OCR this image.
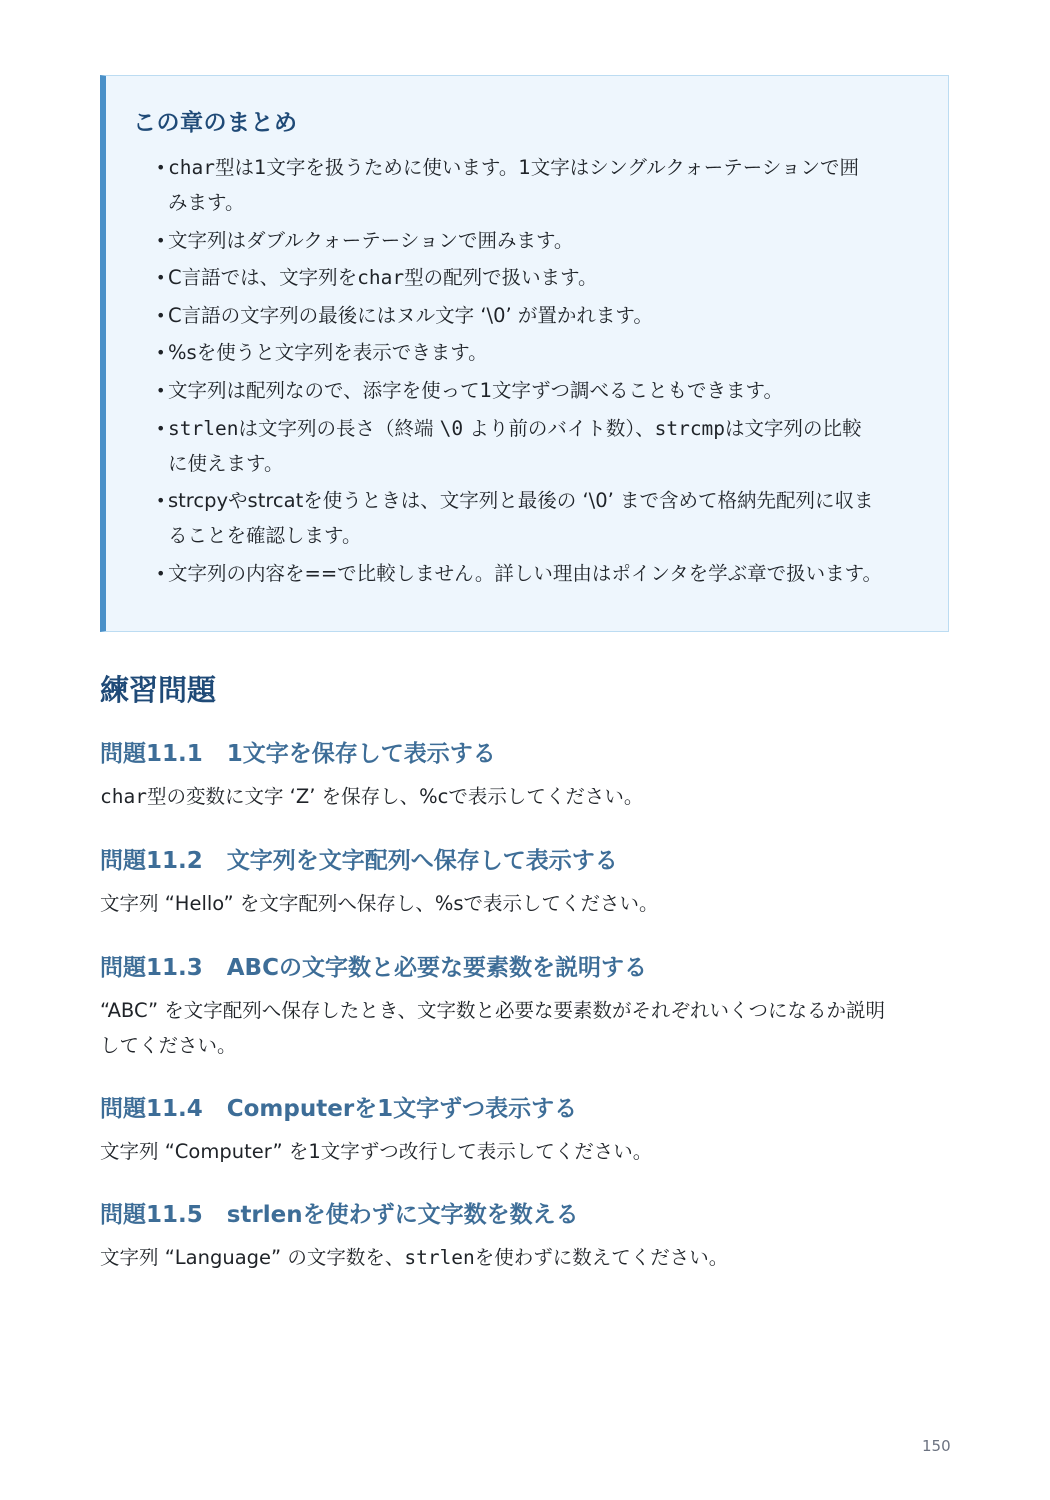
この章のまとめ
• char型は1文字を扱うために使います。1文字はシングルクォーテーションで囲
みます。
• 文字列はダブルクォーテーションで囲みます。
• C言語では、文字列をchar型の配列で扱います。
• C言語の文字列の最後にはヌル文字 ‘\0’ が置かれます。
• %sを使うと文字列を表示できます。
• 文字列は配列なので、添字を使って1文字ずつ調べることもできます。
• strlenは文字列の長さ（終端 \0 より前のバイト数）、strcmpは文字列の比較
に使えます。
• strcpyやstrcatを使うときは、文字列と最後の ‘\0’ まで含めて格納先配列に収ま
ることを確認します。
• 文字列の内容を==で比較しません。詳しい理由はポインタを学ぶ章で扱います。
練習問題
問題11.1 1文字を保存して表示する
char型の変数に文字 ‘Z’ を保存し、%cで表示してください。
問題11.2 文字列を文字配列へ保存して表示する
文字列 “Hello” を文字配列へ保存し、%sで表示してください。
問題11.3 ABCの文字数と必要な要素数を説明する
“ABC” を文字配列へ保存したとき、文字数と必要な要素数がそれぞれいくつになるか説明
してください。
問題11.4 Computerを1文字ずつ表示する
文字列 “Computer” を1文字ずつ改行して表示してください。
問題11.5 strlenを使わずに文字数を数える
文字列 “Language” の文字数を、strlenを使わずに数えてください。
150
